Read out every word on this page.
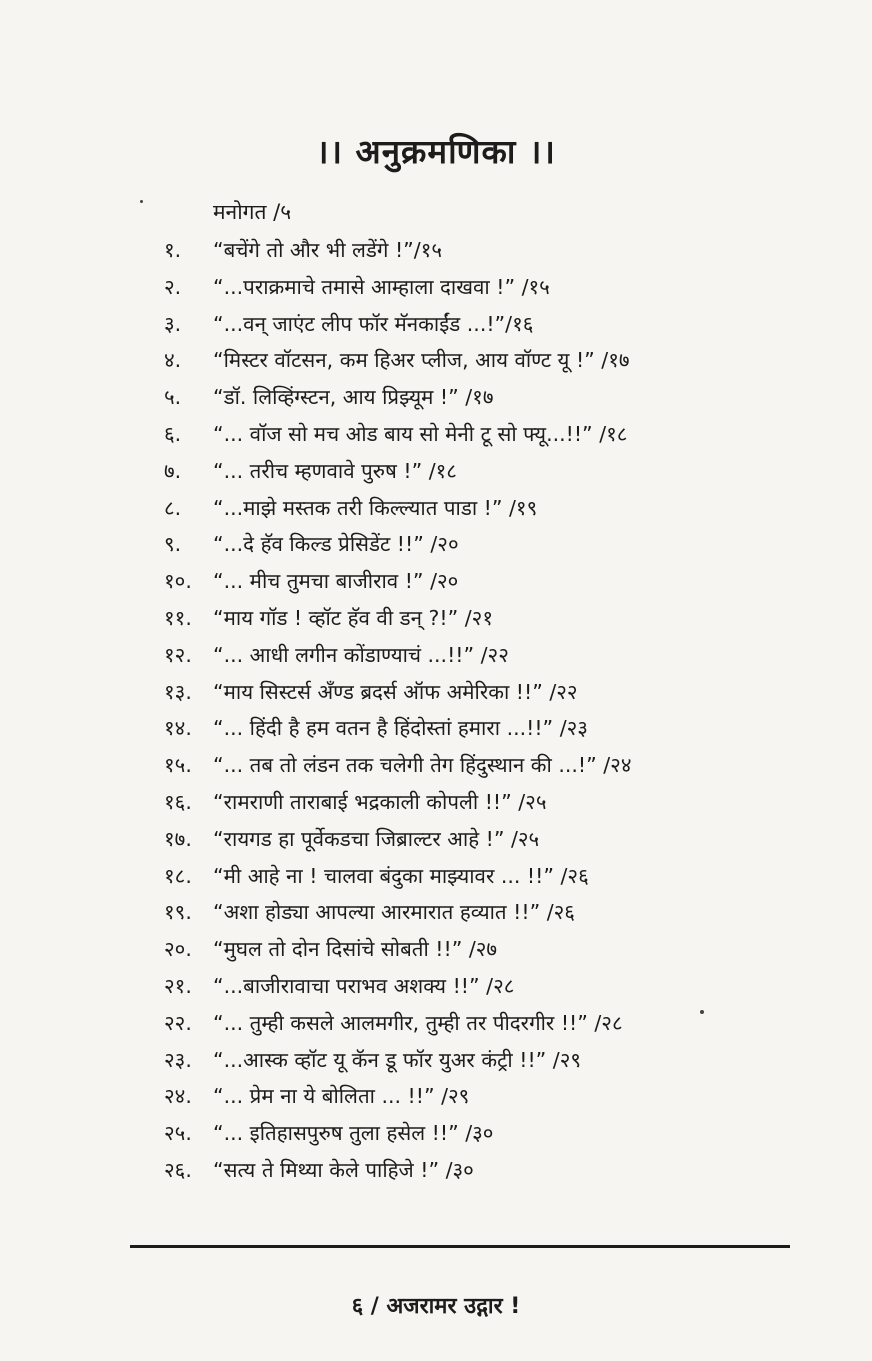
।। अनुक्रमणिका ।।
मनोगत /५
१. “बचेंगे तो और भी लडेंगे !”/१५
२. “...पराक्रमाचे तमासे आम्हाला दाखवा !” /१५
३. “...वन् जाएंट लीप फॉर मॅनकाईंड ...!”/१६
४. “मिस्टर वॉटसन, कम हिअर प्लीज, आय वॉण्ट यू !” /१७
५. “डॉ. लिव्हिंग्स्टन, आय प्रिझ्यूम !” /१७
६. “... वॉज सो मच ओड बाय सो मेनी टू सो फ्यू...!!” /१८
७. “... तरीच म्हणवावे पुरुष !” /१८
८. “...माझे मस्तक तरी किल्ल्यात पाडा !” /१९
९. “...दे हॅव किल्ड प्रेसिडेंट !!” /२०
१०. “... मीच तुमचा बाजीराव !” /२०
११. “माय गॉड ! व्हॉट हॅव वी डन् ?!” /२१
१२. “... आधी लगीन कोंडाण्याचं ...!!” /२२
१३. “माय सिस्टर्स अँण्ड ब्रदर्स ऑफ अमेरिका !!” /२२
१४. “... हिंदी है हम वतन है हिंदोस्तां हमारा ...!!” /२३
१५. “... तब तो लंडन तक चलेगी तेग हिंदुस्थान की ...!” /२४
१६. “रामराणी ताराबाई भद्रकाली कोपली !!” /२५
१७. “रायगड हा पूर्वेकडचा जिब्राल्टर आहे !” /२५
१८. “मी आहे ना ! चालवा बंदुका माझ्यावर ... !!” /२६
१९. “अशा होड्या आपल्या आरमारात हव्यात !!” /२६
२०. “मुघल तो दोन दिसांचे सोबती !!” /२७
२१. “...बाजीरावाचा पराभव अशक्य !!” /२८
२२. “... तुम्ही कसले आलमगीर, तुम्ही तर पीदरगीर !!” /२८
२३. “...आस्क व्हॉट यू कॅन डू फॉर युअर कंट्री !!” /२९
२४. “... प्रेम ना ये बोलिता ... !!” /२९
२५. “... इतिहासपुरुष तुला हसेल !!” /३०
२६. “सत्य ते मिथ्या केले पाहिजे !” /३०
६ / अजरामर उद्गार !
